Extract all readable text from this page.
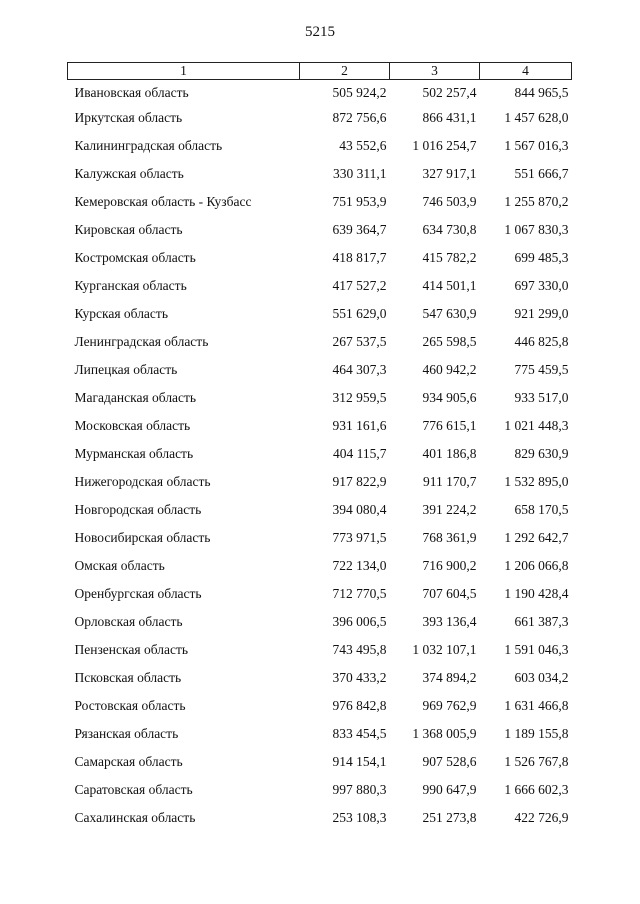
5215
1	2	3	4
Ивановская область	505 924,2	502 257,4	844 965,5
Иркутская область	872 756,6	866 431,1	1 457 628,0
Калининградская область	43 552,6	1 016 254,7	1 567 016,3
Калужская область	330 311,1	327 917,1	551 666,7
Кемеровская область - Кузбасс	751 953,9	746 503,9	1 255 870,2
Кировская область	639 364,7	634 730,8	1 067 830,3
Костромская область	418 817,7	415 782,2	699 485,3
Курганская область	417 527,2	414 501,1	697 330,0
Курская область	551 629,0	547 630,9	921 299,0
Ленинградская область	267 537,5	265 598,5	446 825,8
Липецкая область	464 307,3	460 942,2	775 459,5
Магаданская область	312 959,5	934 905,6	933 517,0
Московская область	931 161,6	776 615,1	1 021 448,3
Мурманская область	404 115,7	401 186,8	829 630,9
Нижегородская область	917 822,9	911 170,7	1 532 895,0
Новгородская область	394 080,4	391 224,2	658 170,5
Новосибирская область	773 971,5	768 361,9	1 292 642,7
Омская область	722 134,0	716 900,2	1 206 066,8
Оренбургская область	712 770,5	707 604,5	1 190 428,4
Орловская область	396 006,5	393 136,4	661 387,3
Пензенская область	743 495,8	1 032 107,1	1 591 046,3
Псковская область	370 433,2	374 894,2	603 034,2
Ростовская область	976 842,8	969 762,9	1 631 466,8
Рязанская область	833 454,5	1 368 005,9	1 189 155,8
Самарская область	914 154,1	907 528,6	1 526 767,8
Саратовская область	997 880,3	990 647,9	1 666 602,3
Сахалинская область	253 108,3	251 273,8	422 726,9
